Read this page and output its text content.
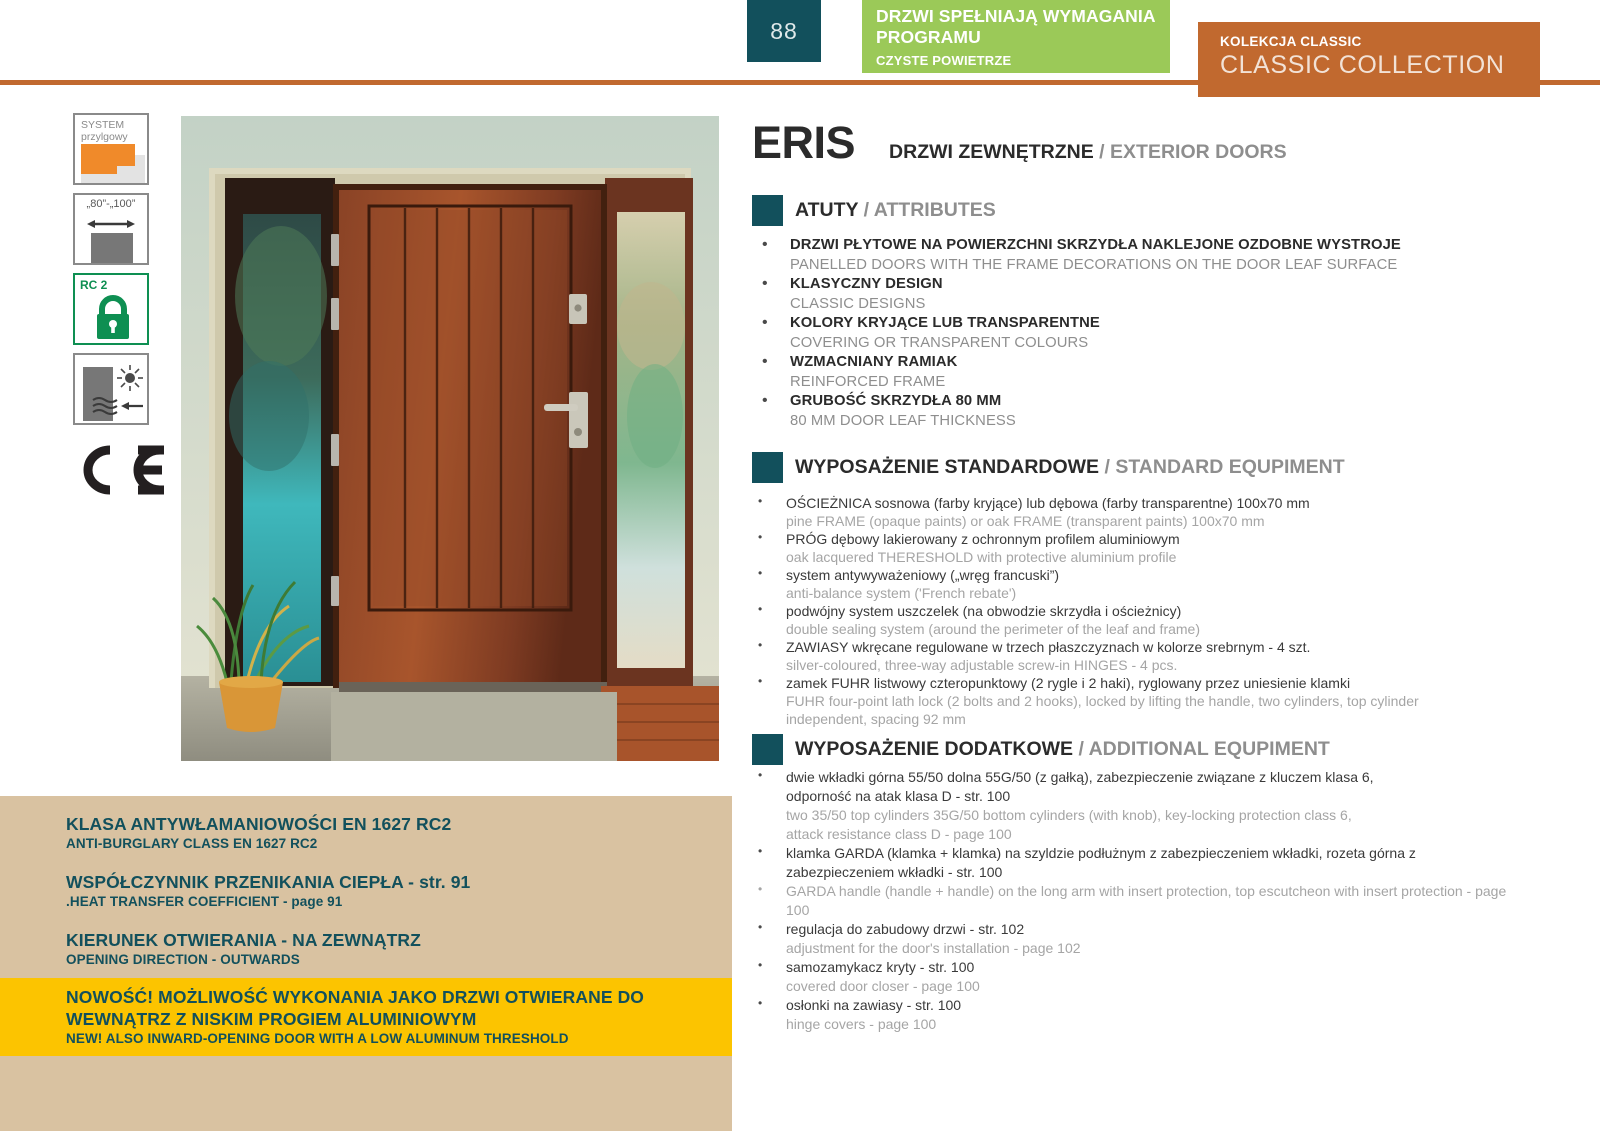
88
DRZWI SPEŁNIAJĄ WYMAGANIA
PROGRAMU
CZYSTE POWIETRZE
KOLEKCJA CLASSIC
CLASSIC COLLECTION
SYSTEM
przylgowy
„80”-„100”
RC 2
KLASA ANTYWŁAMANIOWOŚCI EN 1627 RC2
ANTI-BURGLARY CLASS EN 1627 RC2
WSPÓŁCZYNNIK PRZENIKANIA CIEPŁA - str. 91
.HEAT TRANSFER COEFFICIENT - page 91
KIERUNEK OTWIERANIA - NA ZEWNĄTRZ
OPENING DIRECTION - OUTWARDS
NOWOŚĆ! MOŻLIWOŚĆ WYKONANIA JAKO DRZWI OTWIERANE DO
WEWNĄTRZ Z NISKIM PROGIEM ALUMINIOWYM
NEW! ALSO INWARD-OPENING DOOR WITH A LOW ALUMINUM THRESHOLD
ERIS DRZWI ZEWNĘTRZNE / EXTERIOR DOORS
ATUTY / ATTRIBUTES
• DRZWI PŁYTOWE NA POWIERZCHNI SKRZYDŁA NAKLEJONE OZDOBNE WYSTROJE
PANELLED DOORS WITH THE FRAME DECORATIONS ON THE DOOR LEAF SURFACE
• KLASYCZNY DESIGN
CLASSIC DESIGNS
• KOLORY KRYJĄCE LUB TRANSPARENTNE
COVERING OR TRANSPARENT COLOURS
• WZMACNIANY RAMIAK
REINFORCED FRAME
• GRUBOŚĆ SKRZYDŁA 80 MM
80 MM DOOR LEAF THICKNESS
WYPOSAŻENIE STANDARDOWE / STANDARD EQUPIMENT
• OŚCIEŻNICA sosnowa (farby kryjące) lub dębowa (farby transparentne) 100x70 mm
pine FRAME (opaque paints) or oak FRAME (transparent paints) 100x70 mm
• PRÓG dębowy lakierowany z ochronnym profilem aluminiowym
oak lacquered THERESHOLD with protective aluminium profile
• system antywyważeniowy („wręg francuski”)
anti-balance system ('French rebate')
• podwójny system uszczelek (na obwodzie skrzydła i ościeżnicy)
double sealing system (around the perimeter of the leaf and frame)
• ZAWIASY wkręcane regulowane w trzech płaszczyznach w kolorze srebrnym - 4 szt.
silver-coloured, three-way adjustable screw-in HINGES - 4 pcs.
• zamek FUHR listwowy czteropunktowy (2 rygle i 2 haki), ryglowany przez uniesienie klamki
FUHR four-point lath lock (2 bolts and 2 hooks), locked by lifting the handle, two cylinders, top cylinder independent, spacing 92 mm
WYPOSAŻENIE DODATKOWE / ADDITIONAL EQUPIMENT
• dwie wkładki górna 55/50 dolna 55G/50 (z gałką), zabezpieczenie związane z kluczem klasa 6, odporność na atak klasa D - str. 100
two 35/50 top cylinders 35G/50 bottom cylinders (with knob), key-locking protection class 6, attack resistance class D - page 100
• klamka GARDA (klamka + klamka) na szyldzie podłużnym z zabezpieczeniem wkładki, rozeta górna z zabezpieczeniem wkładki - str. 100
• GARDA handle (handle + handle) on the long arm with insert protection, top escutcheon with insert protection - page 100
• regulacja do zabudowy drzwi - str. 102
adjustment for the door's installation - page 102
• samozamykacz kryty - str. 100
covered door closer - page 100
• osłonki na zawiasy - str. 100
hinge covers - page 100
